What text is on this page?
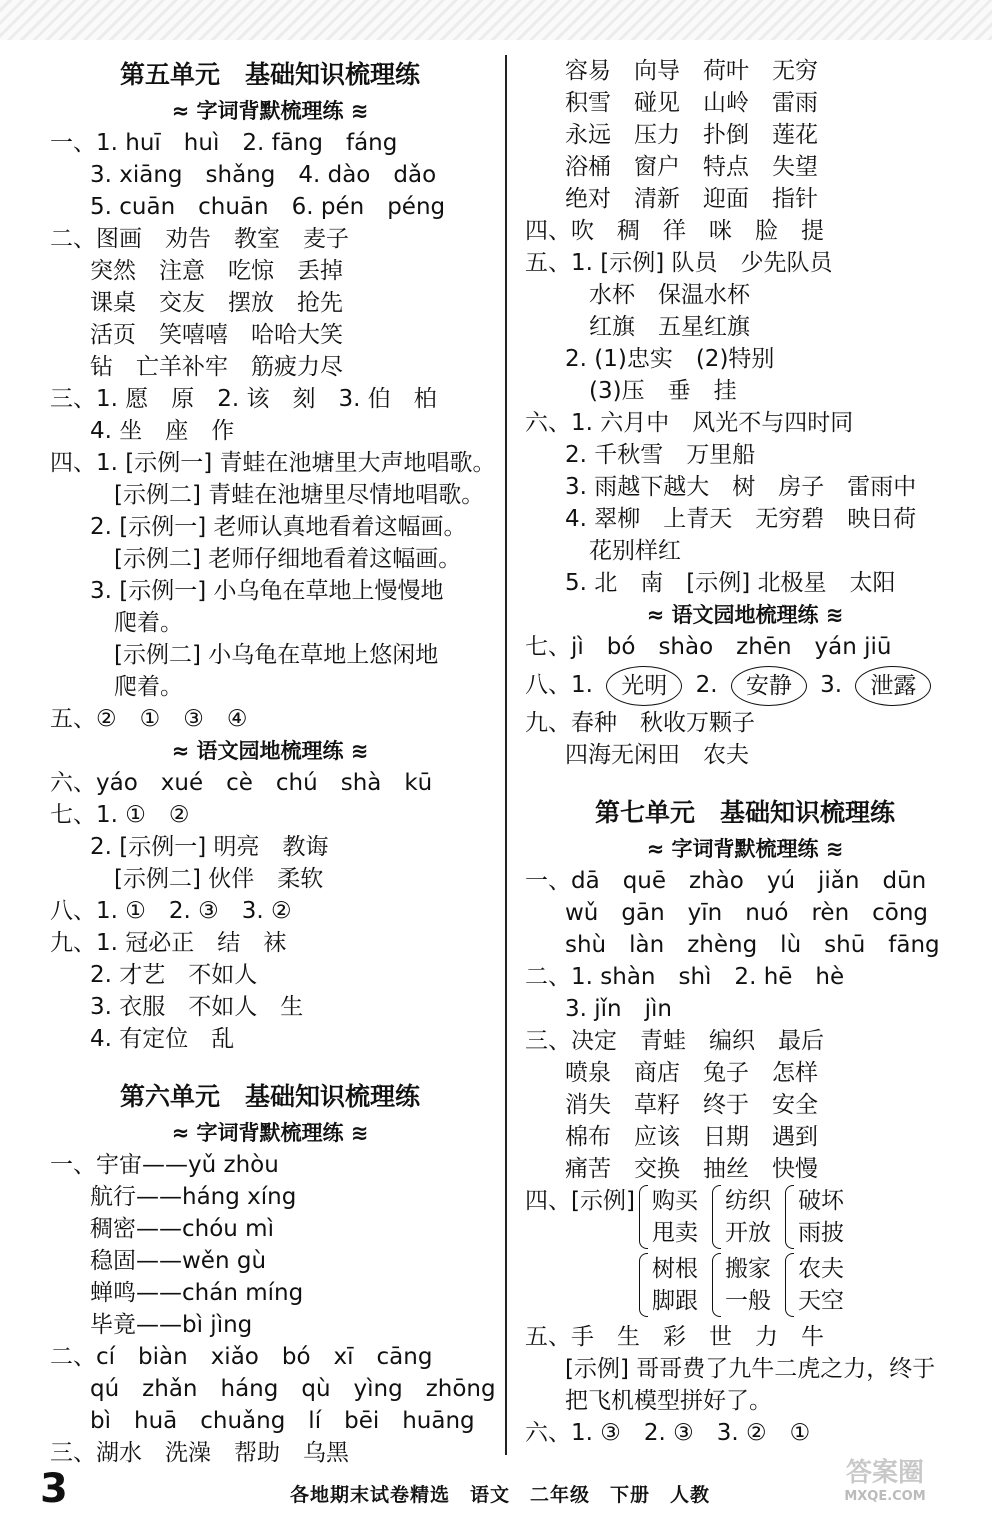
第五单元　基础知识梳理练
≈ 字词背默梳理练 ≋
一、1. huī　huì　2. fāng　fáng
3. xiāng　shǎng　4. dào　dǎo
5. cuān　chuān　6. pén　péng
二、图画　劝告　教室　麦子
突然　注意　吃惊　丢掉
课桌　交友　摆放　抢先
活页　笑嘻嘻　哈哈大笑
钻　亡羊补牢　筋疲力尽
三、1. 愿　原　2. 该　刻　3. 伯　柏
4. 坐　座　作
四、1. [示例一] 青蛙在池塘里大声地唱歌。
[示例二] 青蛙在池塘里尽情地唱歌。
2. [示例一] 老师认真地看着这幅画。
[示例二] 老师仔细地看着这幅画。
3. [示例一] 小乌龟在草地上慢慢地
爬着。
[示例二] 小乌龟在草地上悠闲地
爬着。
五、②　①　③　④
≈ 语文园地梳理练 ≋
六、yáo　xué　cè　chú　shà　kū
七、1. ①　②
2. [示例一] 明亮　教诲
[示例二] 伙伴　柔软
八、1. ①　2. ③　3. ②
九、1. 冠必正　结　袜
2. 才艺　不如人
3. 衣服　不如人　生
4. 有定位　乱
第六单元　基础知识梳理练
≈ 字词背默梳理练 ≋
一、宇宙——yǔ zhòu
航行——háng xíng
稠密——chóu mì
稳固——wěn gù
蝉鸣——chán míng
毕竟——bì jìng
二、cí　biàn　xiǎo　bó　xī　cāng
qú　zhǎn　háng　qù　yìng　zhōng
bì　huā　chuǎng　lí　bēi　huāng
三、湖水　洗澡　帮助　乌黑
容易　向导　荷叶　无穷
积雪　碰见　山岭　雷雨
永远　压力　扑倒　莲花
浴桶　窗户　特点　失望
绝对　清新　迎面　指针
四、吹　稠　徉　咪　脸　提
五、1. [示例] 队员　少先队员
水杯　保温水杯
红旗　五星红旗
2. (1)忠实　(2)特别
(3)压　垂　挂
六、1. 六月中　风光不与四时同
2. 千秋雪　万里船
3. 雨越下越大　树　房子　雷雨中
4. 翠柳　上青天　无穷碧　映日荷
花别样红
5. 北　南　[示例] 北极星　太阳
≈ 语文园地梳理练 ≋
七、jì　bó　shào　zhēn　yán jiū
八、1. 光明 2. 安静 3. 泄露
九、春种　秋收万颗子
四海无闲田　农夫
第七单元　基础知识梳理练
≈ 字词背默梳理练 ≋
一、dā　quē　zhào　yú　jiǎn　dūn
wǔ　gān　yīn　nuó　rèn　cōng
shù　làn　zhèng　lù　shū　fāng
二、1. shàn　shì　2. hē　hè
3. jǐn　jìn
三、决定　青蛙　编织　最后
喷泉　商店　兔子　怎样
消失　草籽　终于　安全
棉布　应该　日期　遇到
痛苦　交换　抽丝　快慢
四、[示例] 购买
甩卖
纺织
开放
破坏
雨披
树根
脚跟
搬家
一般
农夫
天空
五、手　生　彩　世　力　牛
[示例] 哥哥费了九牛二虎之力，终于
把飞机模型拼好了。
六、1. ③　2. ③　3. ②　①
3	各地期末试卷精选　语文　二年级　下册　人教
答案圈
MXQE.COM
